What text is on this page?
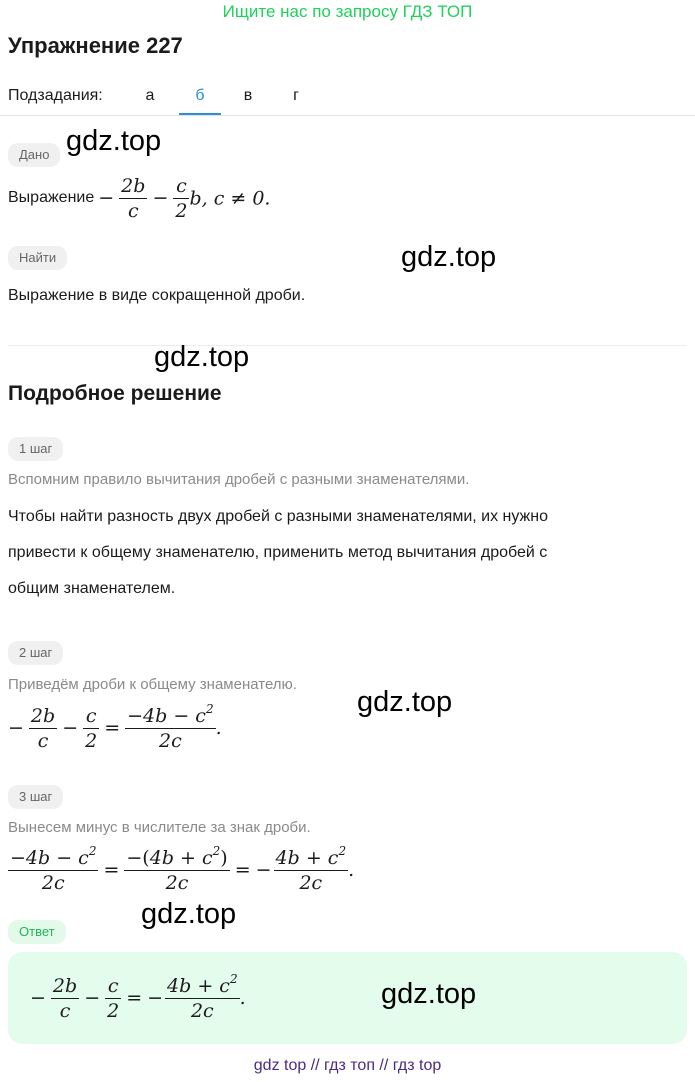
Ищите нас по запросу ГДЗ ТОП
Упражнение 227
Подзадания:	а	б	в	г
Дано
Выражение − $\frac{2b}{c} - \frac{c}{2} b$, c ≠ 0.
Найти
Выражение в виде сокращенной дроби.
Подробное решение
1 шаг
Вспомним правило вычитания дробей с разными знаменателями.
Чтобы найти разность двух дробей с разными знаменателями, их нужно
привести к общему знаменателю, применить метод вычитания дробей с
общим знаменателем.
2 шаг
Приведём дроби к общему знаменателю.
− $\frac{2b}{c} - \frac{c}{2} = \frac{-4b - c^2}{2c}$ .
3 шаг
Вынесем минус в числителе за знак дроби.
$\frac{-4b - c^2}{2c} = \frac{-(4b + c^2)}{2c}$ = − $\frac{4b + c^2}{2c}$ .
Ответ
− $\frac{2b}{c} - \frac{c}{2}$ = − $\frac{4b + c^2}{2c}$ .
gdz.top
gdz.top
gdz.top
gdz.top
gdz.top
gdz.top
gdz top // гдз топ // гдз top
